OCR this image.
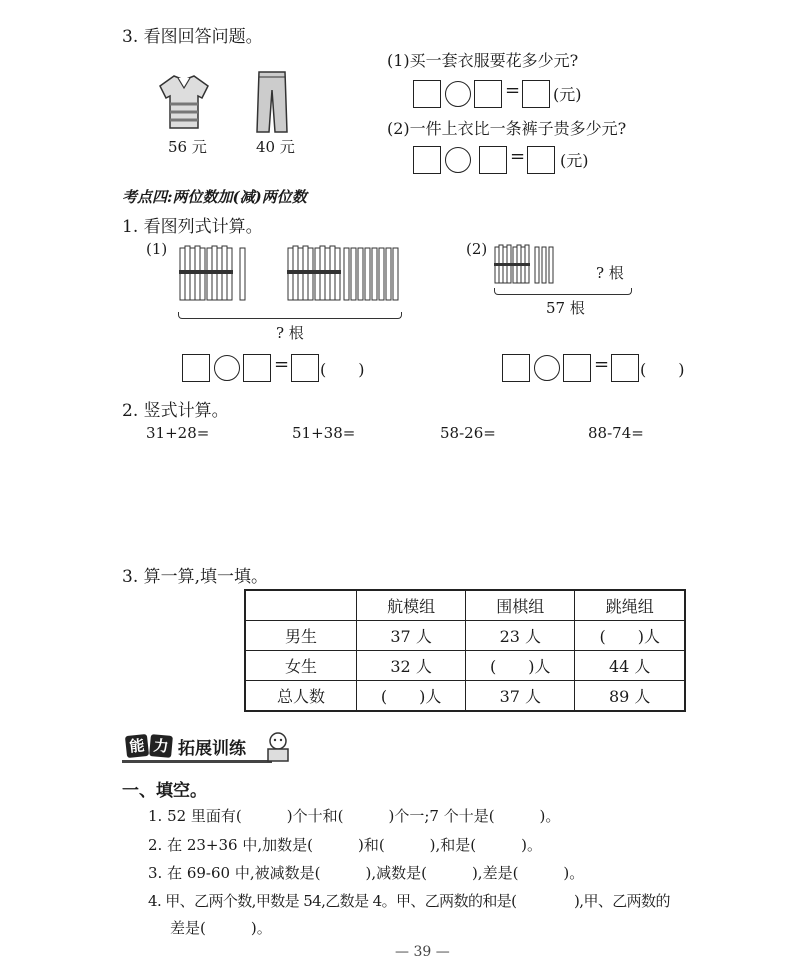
3. 看图回答问题。
56 元	40 元
(1)买一套衣服要花多少元?
= (元)
(2)一件上衣比一条裤子贵多少元?
= (元)
考点四:两位数加(减)两位数
1. 看图列式计算。
(1)
? 根
= (　　)
(2)
? 根
57 根
= (　　)
2. 竖式计算。
31+28=	51+38=	58-26=	88-74=
3. 算一算,填一填。
	航模组	围棋组	跳绳组
男生	37 人	23 人	(　　)人
女生	32 人	(　　)人	44 人
总人数	(　　)人	37 人	89 人
能 力 拓展训练
一、填空。
1. 52 里面有(　　　)个十和(　　　)个一;7 个十是(　　　)。
2. 在 23+36 中,加数是(　　　)和(　　　),和是(　　　)。
3. 在 69-60 中,被减数是(　　　),减数是(　　　),差是(　　　)。
4. 甲、乙两个数,甲数是 54,乙数是 4。甲、乙两数的和是(　　　　),甲、乙两数的
差是(　　　)。
— 39 —
